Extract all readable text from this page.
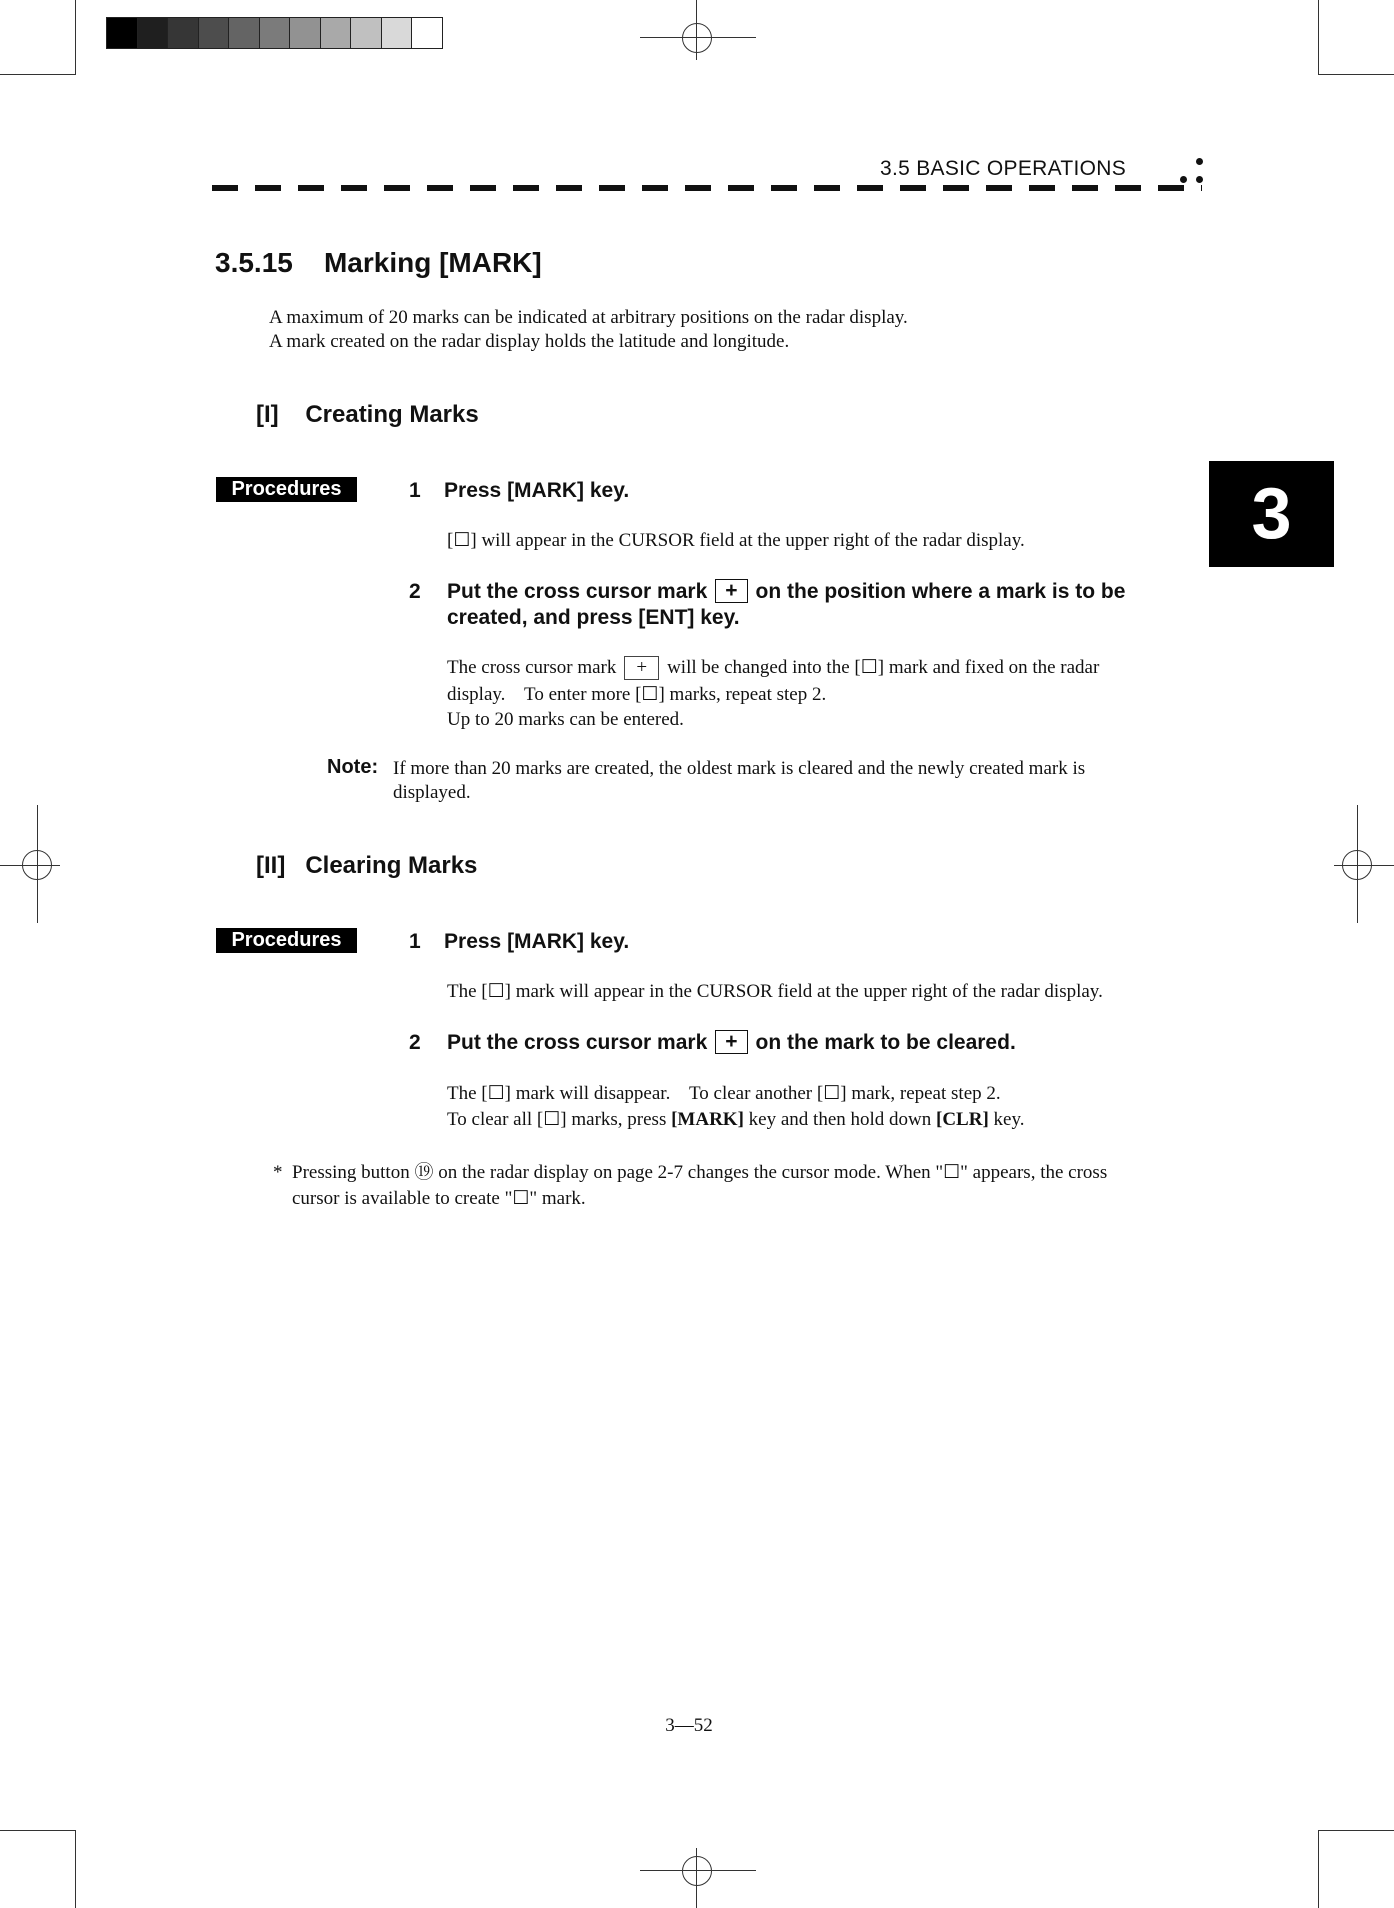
3.5 BASIC OPERATIONS
3
3.5.15    Marking [MARK]
A maximum of 20 marks can be indicated at arbitrary positions on the radar display.
A mark created on the radar display holds the latitude and longitude.
[I]    Creating Marks
Procedures	1    Press [MARK] key.
[☐] will appear in the CURSOR field at the upper right of the radar display.
2 Put the cross cursor mark + on the position where a mark is to be
created, and press [ENT] key.
The cross cursor mark + will be changed into the [☐] mark and fixed on the radar
display.    To enter more [☐] marks, repeat step 2.
Up to 20 marks can be entered.
Note: If more than 20 marks are created, the oldest mark is cleared and the newly created mark is
displayed.
[II]   Clearing Marks
Procedures	1    Press [MARK] key.
The [☐] mark will appear in the CURSOR field at the upper right of the radar display.
2 Put the cross cursor mark + on the mark to be cleared.
The [☐] mark will disappear.    To clear another [☐] mark, repeat step 2.
To clear all [☐] marks, press [MARK] key and then hold down [CLR] key.
* Pressing button ⑲ on the radar display on page 2-7 changes the cursor mode. When "☐" appears, the cross
cursor is available to create "☐" mark.
3—52
